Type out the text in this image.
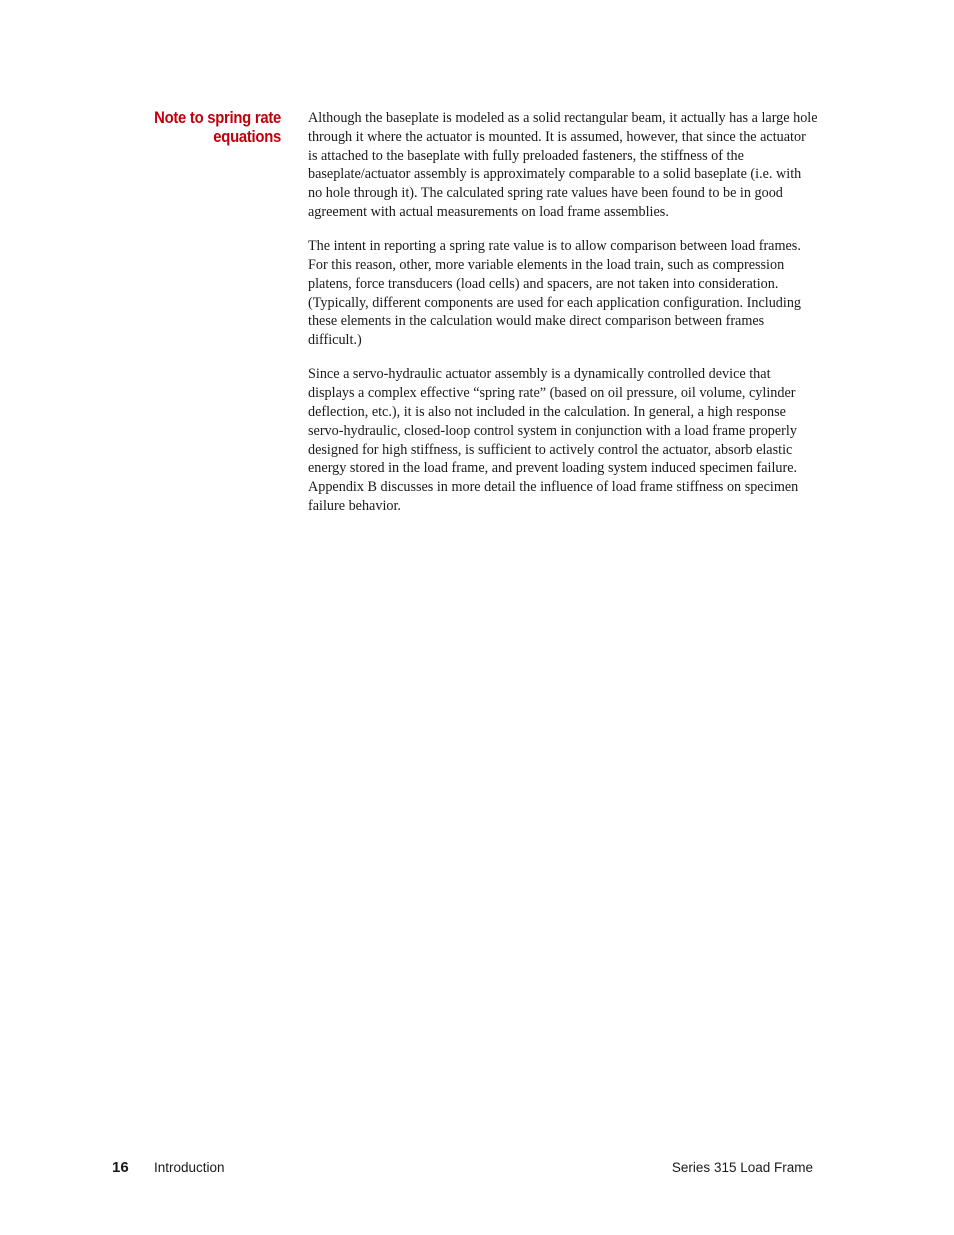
Note to spring rate
equations

Although the baseplate is modeled as a solid rectangular beam, it actually has a large hole through it where the actuator is mounted. It is assumed, however, that since the actuator is attached to the baseplate with fully preloaded fasteners, the stiffness of the baseplate/actuator assembly is approximately comparable to a solid baseplate (i.e. with no hole through it). The calculated spring rate values have been found to be in good agreement with actual measurements on load frame assemblies.

The intent in reporting a spring rate value is to allow comparison between load frames. For this reason, other, more variable elements in the load train, such as compression platens, force transducers (load cells) and spacers, are not taken into consideration. (Typically, different components are used for each application configuration. Including these elements in the calculation would make direct comparison between frames difficult.)

Since a servo-hydraulic actuator assembly is a dynamically controlled device that displays a complex effective “spring rate” (based on oil pressure, oil volume, cylinder deflection, etc.), it is also not included in the calculation. In general, a high response servo-hydraulic, closed-loop control system in conjunction with a load frame properly designed for high stiffness, is sufficient to actively control the actuator, absorb elastic energy stored in the load frame, and prevent loading system induced specimen failure. Appendix B discusses in more detail the influence of load frame stiffness on specimen failure behavior.

16 Introduction	Series 315 Load Frame
